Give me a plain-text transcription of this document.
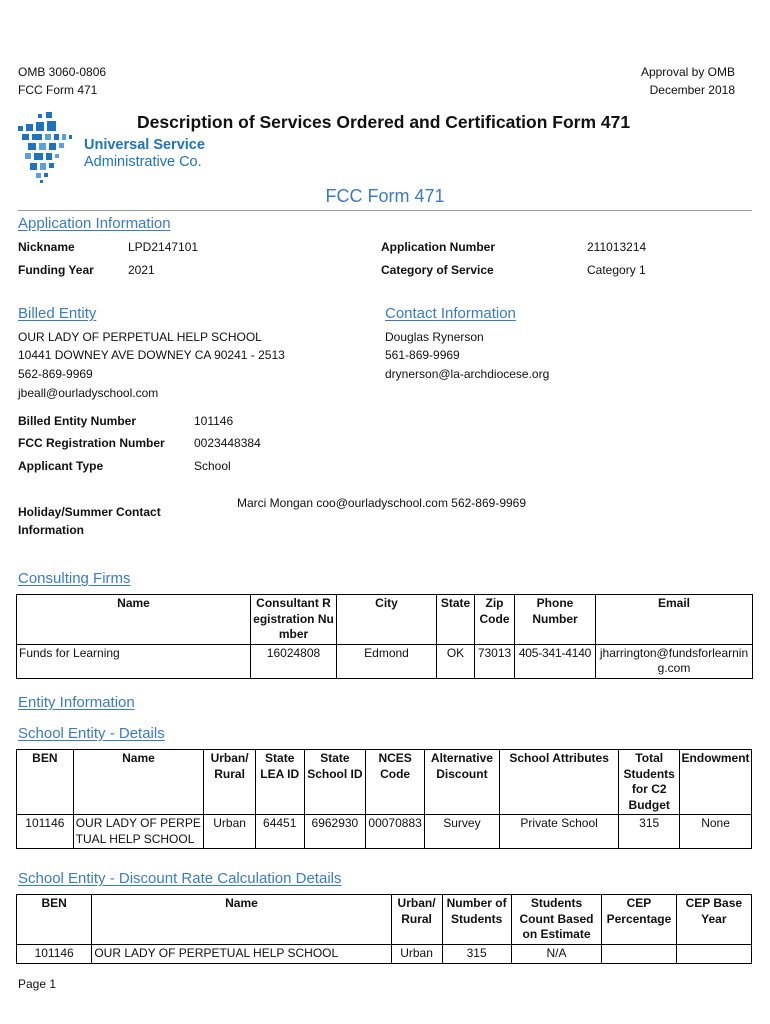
OMB 3060-0806
FCC Form 471
Approval by OMB
December 2018
Universal Service
Administrative Co.
Description of Services Ordered and Certification Form 471
FCC Form 471
Application Information
Nickname	LPD2147101
Funding Year	2021
Application Number	211013214
Category of Service	Category 1
Billed Entity
OUR LADY OF PERPETUAL HELP SCHOOL
10441 DOWNEY AVE DOWNEY CA 90241 - 2513
562-869-9969
jbeall@ourladyschool.com
Contact Information
Douglas Rynerson
561-869-9969
drynerson@la-archdiocese.org
Billed Entity Number	101146
FCC Registration Number 0023448384
Applicant Type	School
Holiday/Summer Contact
Information
Marci Mongan coo@ourladyschool.com 562-869-9969
Consulting Firms
Name	Consultant Registration Number	City	State	Zip Code	Phone Number	Email
Funds for Learning	16024808	Edmond	OK	73013	405-341-4140	jharrington@fundsforlearning.com
Entity Information
School Entity - Details
BEN	Name	Urban/ Rural	State LEA ID	State School ID	NCES Code	Alternative Discount	School Attributes	Total Students for C2 Budget	Endowment
101146	OUR LADY OF PERPETUAL HELP SCHOOL	Urban	64451	6962930	00070883	Survey	Private School	315	None
School Entity - Discount Rate Calculation Details
BEN	Name	Urban/ Rural	Number of Students	Students Count Based on Estimate	CEP Percentage	CEP Base Year
101146	OUR LADY OF PERPETUAL HELP SCHOOL	Urban	315	N/A		
Page 1
